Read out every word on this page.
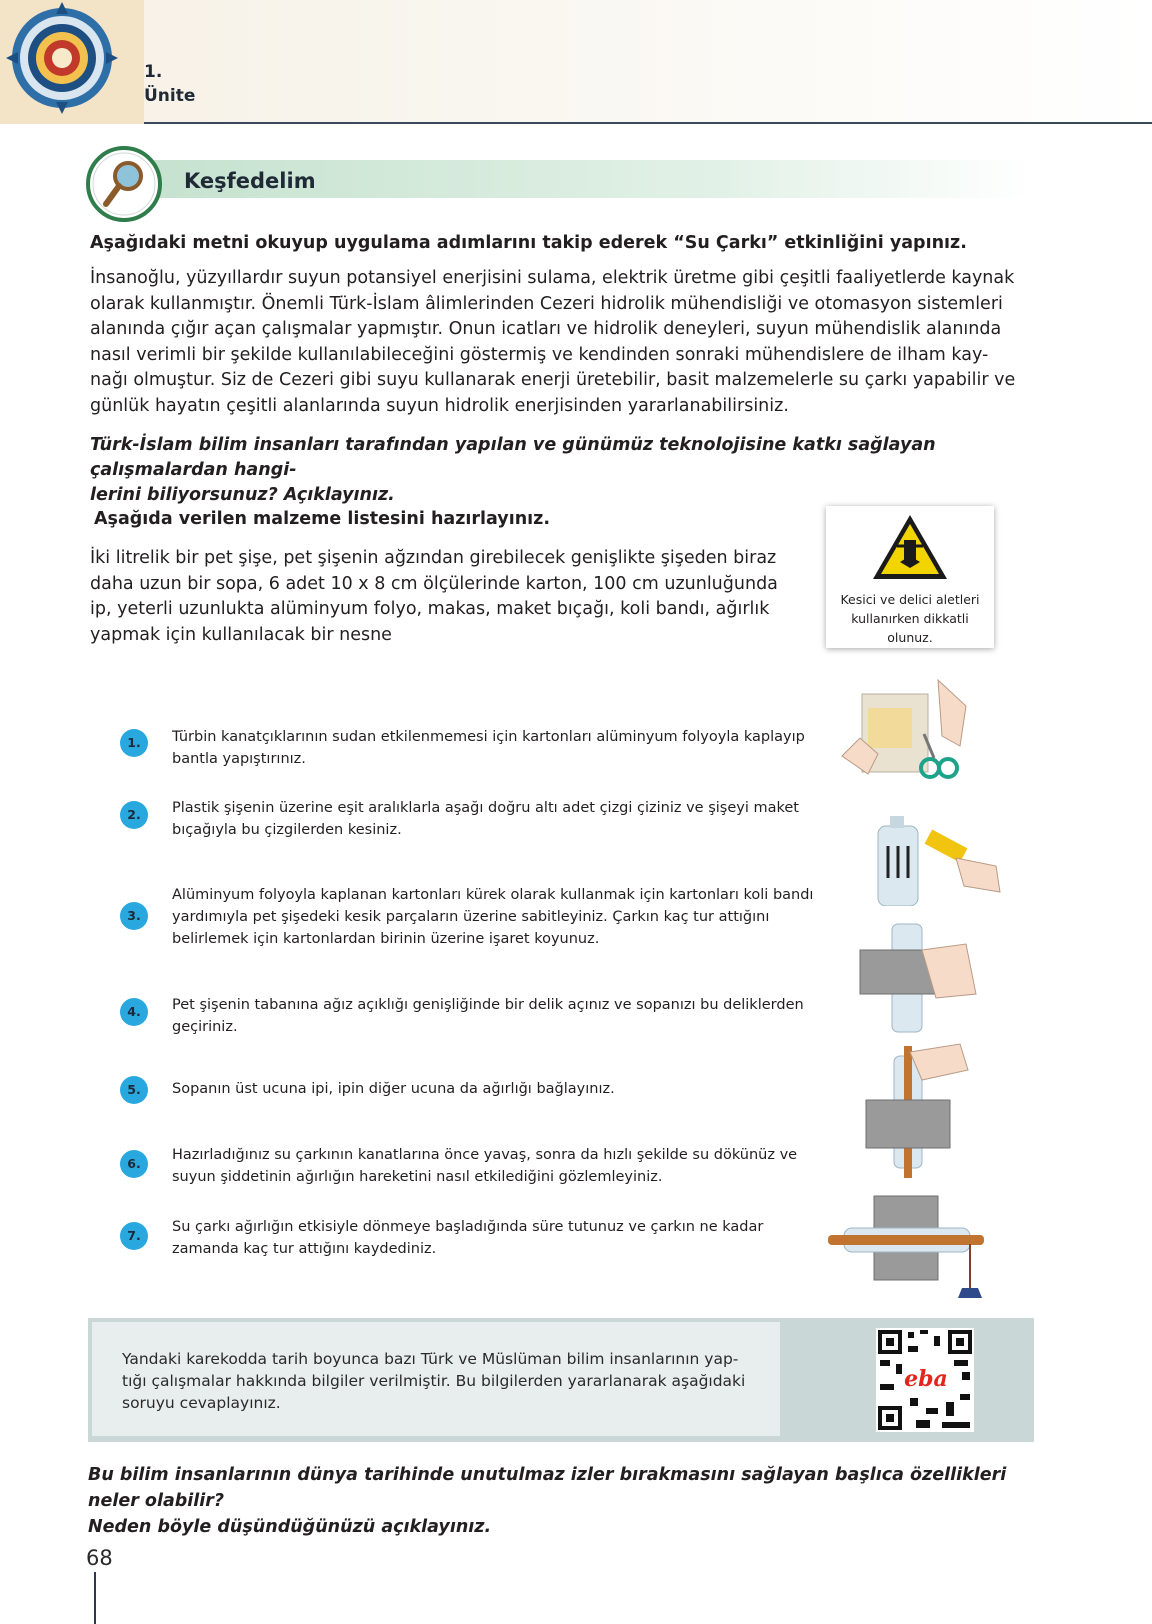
1.
Ünite
Keşfedelim
Aşağıdaki metni okuyup uygulama adımlarını takip ederek “Su Çarkı” etkinliğini yapınız.
İnsanoğlu, yüzyıllardır suyun potansiyel enerjisini sulama, elektrik üretme gibi çeşitli faaliyetlerde kaynak
olarak kullanmıştır. Önemli Türk-İslam âlimlerinden Cezeri hidrolik mühendisliği ve otomasyon sistemleri
alanında çığır açan çalışmalar yapmıştır. Onun icatları ve hidrolik deneyleri, suyun mühendislik alanında
nasıl verimli bir şekilde kullanılabileceğini göstermiş ve kendinden sonraki mühendislere de ilham kay-
nağı olmuştur. Siz de Cezeri gibi suyu kullanarak enerji üretebilir, basit malzemelerle su çarkı yapabilir ve
günlük hayatın çeşitli alanlarında suyun hidrolik enerjisinden yararlanabilirsiniz.
Türk-İslam bilim insanları tarafından yapılan ve günümüz teknolojisine katkı sağlayan çalışmalardan hangi-
lerini biliyorsunuz? Açıklayınız.
Aşağıda verilen malzeme listesini hazırlayınız.
İki litrelik bir pet şişe, pet şişenin ağzından girebilecek genişlikte şişeden biraz
daha uzun bir sopa, 6 adet 10 x 8 cm ölçülerinde karton, 100 cm uzunluğunda
ip, yeterli uzunlukta alüminyum folyo, makas, maket bıçağı, koli bandı, ağırlık
yapmak için kullanılacak bir nesne
Kesici ve delici aletleri
kullanırken dikkatli
olunuz.
1.	Türbin kanatçıklarının sudan etkilenmemesi için kartonları alüminyum folyoyla kaplayıp
bantla yapıştırınız.
2.	Plastik şişenin üzerine eşit aralıklarla aşağı doğru altı adet çizgi çiziniz ve şişeyi maket
bıçağıyla bu çizgilerden kesiniz.
3.
Alüminyum folyoyla kaplanan kartonları kürek olarak kullanmak için kartonları koli bandı
yardımıyla pet şişedeki kesik parçaların üzerine sabitleyiniz. Çarkın kaç tur attığını
belirlemek için kartonlardan birinin üzerine işaret koyunuz.
4.	Pet şişenin tabanına ağız açıklığı genişliğinde bir delik açınız ve sopanızı bu deliklerden
geçiriniz.
5.	Sopanın üst ucuna ipi, ipin diğer ucuna da ağırlığı bağlayınız.
6.
Hazırladığınız su çarkının kanatlarına önce yavaş, sonra da hızlı şekilde su dökünüz ve
suyun şiddetinin ağırlığın hareketini nasıl etkilediğini gözlemleyiniz.
7.
Su çarkı ağırlığın etkisiyle dönmeye başladığında süre tutunuz ve çarkın ne kadar
zamanda kaç tur attığını kaydediniz.
Yandaki karekodda tarih boyunca bazı Türk ve Müslüman bilim insanlarının yap-
tığı çalışmalar hakkında bilgiler verilmiştir. Bu bilgilerden yararlanarak aşağıdaki
soruyu cevaplayınız.
eba
Bu bilim insanlarının dünya tarihinde unutulmaz izler bırakmasını sağlayan başlıca özellikleri neler olabilir?
Neden böyle düşündüğünüzü açıklayınız.
68
